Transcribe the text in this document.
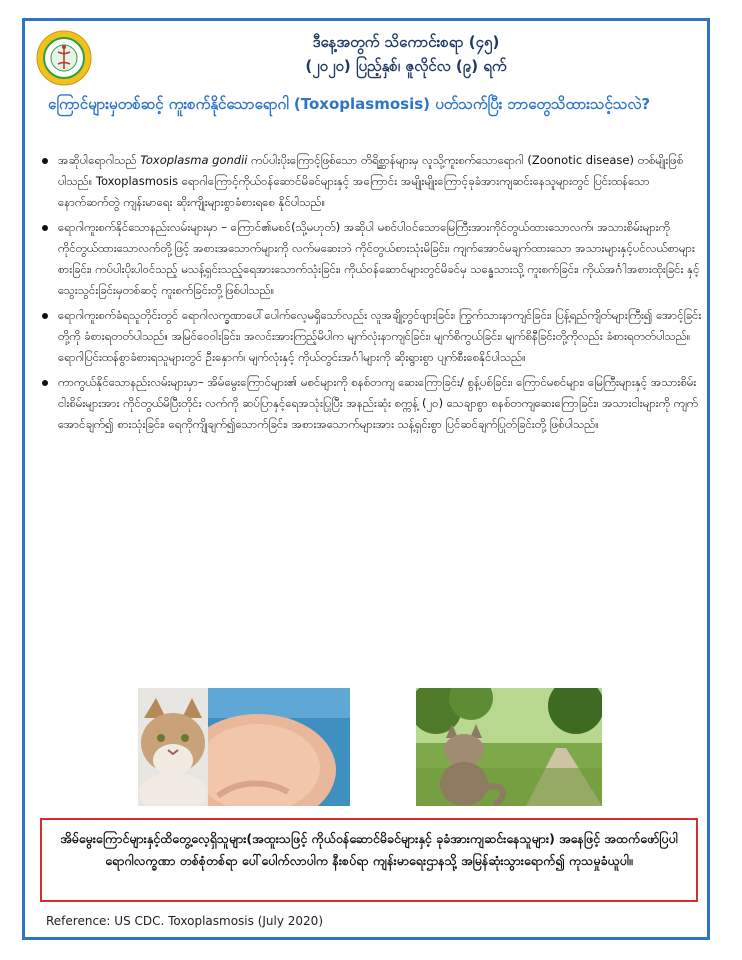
ဒီနေ့အတွက် သိကောင်းစရာ (၄၅)
(၂၀၂၀) ပြည့်နှစ်၊ ဇူလိုင်လ (၉) ရက်
ကြောင်များမှတစ်ဆင့် ကူးစက်နိုင်သောရောဂါ (Toxoplasmosis) ပတ်သက်ပြီး ဘာတွေသိထားသင့်သလဲ?
အဆိုပါရောဂါသည် Toxoplasma gondii ကပ်ပါးပိုးကြောင့်ဖြစ်သော တိရိစ္ဆာန်များမှ လူသို့ကူးစက်သောရောဂါ (Zoonotic disease) တစ်မျိုးဖြစ်ပါသည်။ Toxoplasmosis ရောဂါကြောင့်ကိုယ်ဝန်ဆောင်မိခင်များနှင့် အကြောင်း အမျိုးမျိုးကြောင့်ခုခံအားကျဆင်းနေသူများတွင် ပြင်းထန်သောနောက်ဆက်တွဲ ကျန်းမာရေး ဆိုးကျိုးများစွာခံစားရစေ နိုင်ပါသည်။
ရောဂါကူးစက်နိုင်သောနည်းလမ်းများမှာ – ကြောင်၏မစင်(သို့မဟုတ်) အဆိုပါ မစင်ပါဝင်သောမြေကြီးအားကိုင်တွယ်ထားသောလက်၊ အသားစိမ်းများကို ကိုင်တွယ်ထားသောလက်တို့ဖြင့် အစားအသောက်များကို လက်မဆေးဘဲ ကိုင်တွယ်စားသုံးမိခြင်း၊ ကျက်အောင်မချက်ထားသော အသားများနှင့်ပင်လယ်စာများစားခြင်း၊ ကပ်ပါးပိုးပါဝင်သည့် မသန့်ရှင်းသည့်ရေအားသောက်သုံးခြင်း၊ ကိုယ်ဝန်ဆောင်များတွင်မိခင်မှ သန္ဓေသားသို့ ကူးစက်ခြင်း၊ ကိုယ်အင်္ဂါအစားထိုးခြင်း နှင့် သွေးသွင်းခြင်းမှတစ်ဆင့် ကူးစက်ခြင်းတို့ဖြစ်ပါသည်။
ရောဂါကူးစက်ခံရသူတိုင်းတွင် ရောဂါလက္ခဏာပေါ်ပေါက်လေ့မရှိသော်လည်း လူအချို့တွင်ဖျားခြင်း၊ ကြွက်သားနာကျင်ခြင်း၊ ပြန့်ရည်ကျိတ်များကြီး၍ အောင့်ခြင်းတို့ကို ခံစားရတတ်ပါသည်။ အမြင်ဝေဝါးခြင်း၊ အလင်းအားကြည့်မိပါက မျက်လုံးနာကျင်ခြင်း၊ မျက်စိကွယ်ခြင်း၊ မျက်စိနီခြင်းတို့ကိုလည်း ခံစားရတတ်ပါသည်။ ရောဂါပြင်းထန်စွာခံစားရသူများတွင် ဦးနှောက်၊ မျက်လုံးနှင့် ကိုယ်တွင်းအင်္ဂါများကို ဆိုးရွားစွာ ပျက်စီးစေနိုင်ပါသည်။
ကာကွယ်နိုင်သောနည်းလမ်းများမှာ– အိမ်မွေးကြောင်များ၏ မစင်များကို စနစ်တကျ ဆေးကြောခြင်း/ စွန့်ပစ်ခြင်း၊ ကြောင်မစင်များ၊ မြေကြီးများနှင့် အသားစိမ်းငါးစိမ်းများအား ကိုင်တွယ်မိပြီးတိုင်း လက်ကို ဆပ်ပြာနှင့်ရေအသုံးပြုပြီး အနည်းဆုံး စက္ကန့် (၂၀) သေချာစွာ စနစ်တကျဆေးကြောခြင်း၊ အသားငါးများကို ကျက်အောင်ချက်၍ စားသုံးခြင်း၊ ရေကိုကျိုချက်၍သောက်ခြင်း၊ အစားအသောက်များအား သန့်ရှင်းစွာ ပြင်ဆင်ချက်ပြုတ်ခြင်းတို့ ဖြစ်ပါသည်။
အိမ်မွေးကြောင်များနှင့်ထိတွေ့လေ့ရှိသူများ(အထူးသဖြင့် ကိုယ်ဝန်ဆောင်မိခင်များနှင့် ခုခံအားကျဆင်းနေသူများ) အနေဖြင့် အထက်ဖော်ပြပါ ရောဂါလက္ခဏာ တစ်စုံတစ်ရာ ပေါ်ပေါက်လာပါက နီးစပ်ရာ ကျန်းမာရေးဌာနသို့ အမြန်ဆုံးသွားရောက်၍ ကုသမှုခံယူပါ။
Reference: US CDC. Toxoplasmosis (July 2020)
